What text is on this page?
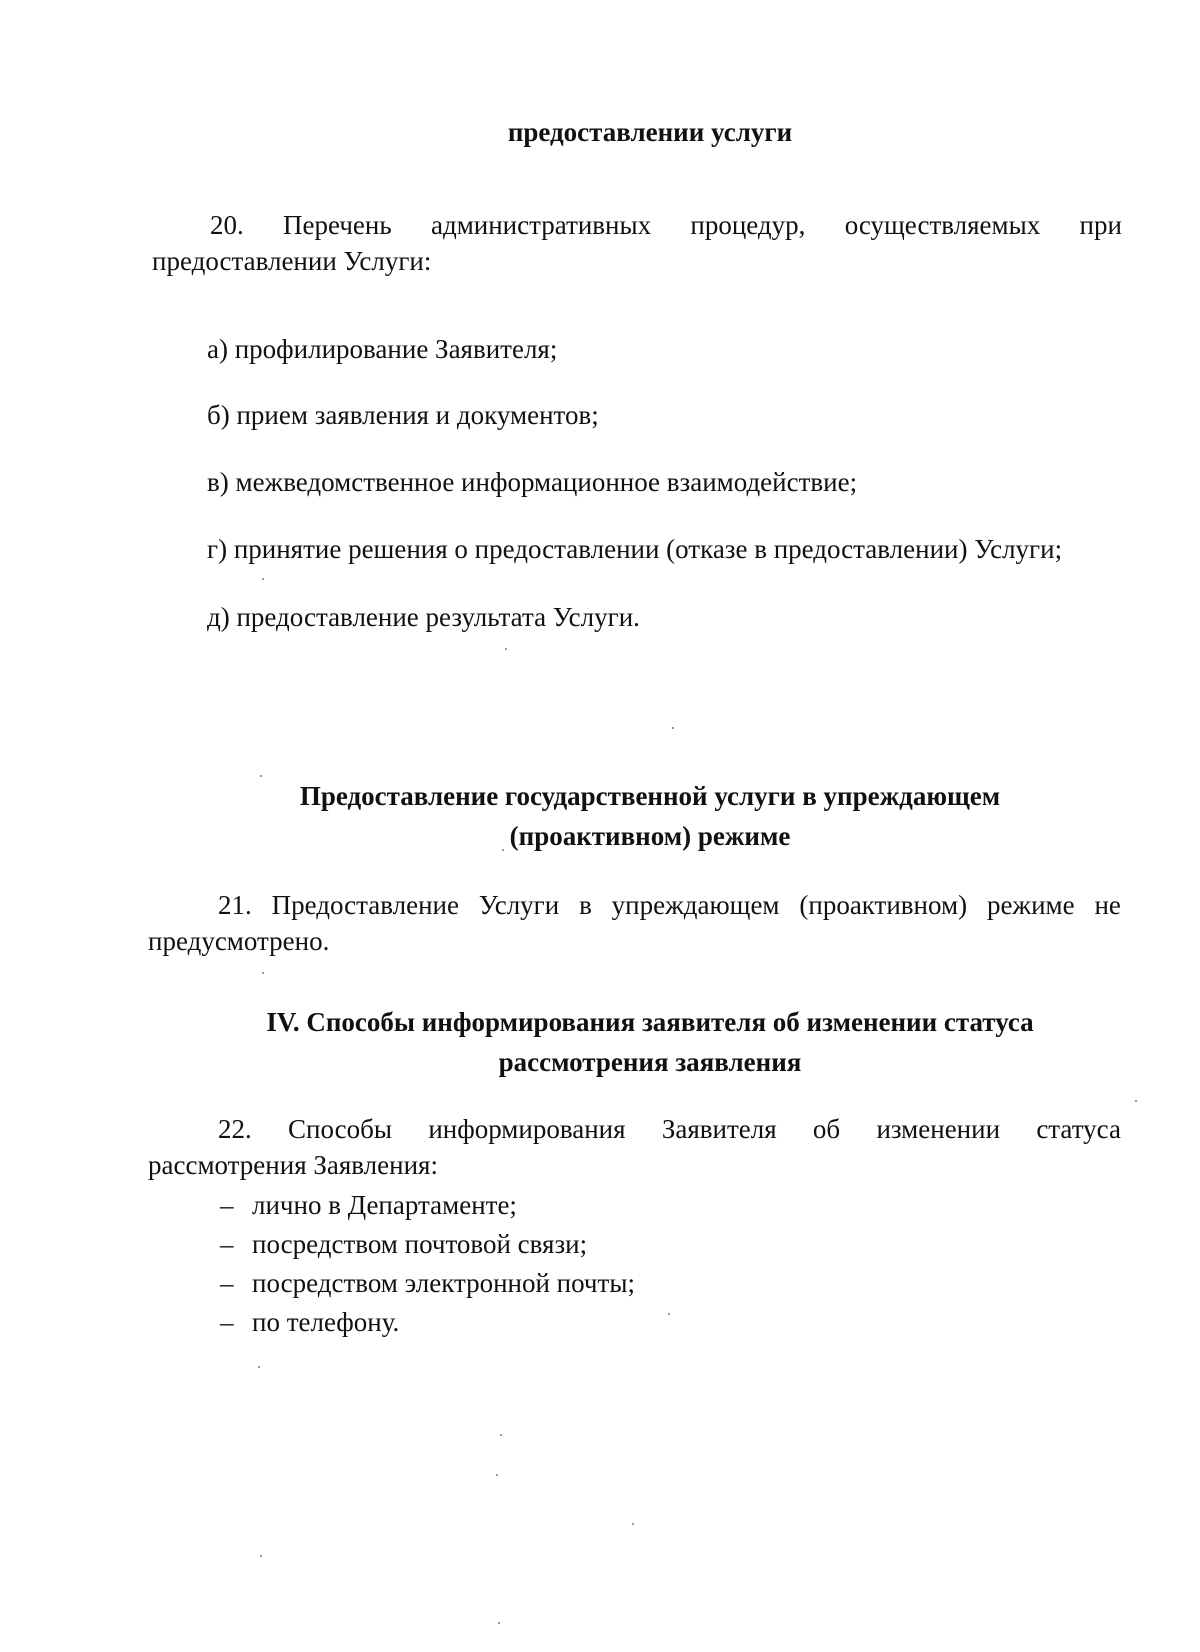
предоставлении услуги
20. Перечень административных процедур, осуществляемых при
предоставлении Услуги:
а) профилирование Заявителя;
б) прием заявления и документов;
в) межведомственное информационное взаимодействие;
г) принятие решения о предоставлении (отказе в предоставлении) Услуги;
д) предоставление результата Услуги.
Предоставление государственной услуги в упреждающем
(проактивном) режиме
21. Предоставление Услуги в упреждающем (проактивном) режиме не
предусмотрено.
IV. Способы информирования заявителя об изменении статуса
рассмотрения заявления
22. Способы информирования Заявителя об изменении статуса
рассмотрения Заявления:
– лично в Департаменте;
– посредством почтовой связи;
– посредством электронной почты;
– по телефону.
